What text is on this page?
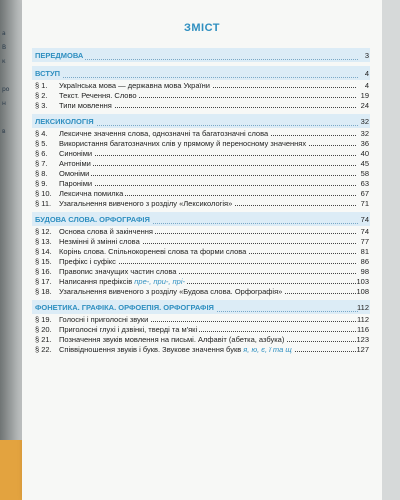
а
В
к
ро
н
в
ЗМІСТ
ПЕРЕДМОВА	3
ВСТУП	4
§ 1.	Українська мова — державна мова України	4
§ 2.	Текст. Речення. Слово	19
§ 3.	Типи мовлення	24
ЛЕКСИКОЛОГІЯ	32
§ 4.	Лексичне значення слова, однозначні та багатозначні слова	32
§ 5.	Використання багатозначних слів у прямому й переносному значеннях	36
§ 6.	Синоніми	40
§ 7.	Антоніми	45
§ 8.	Омоніми	58
§ 9.	Пароніми	63
§ 10. Лексична помилка	67
§ 11.	Узагальнення вивченого з розділу «Лексикологія»	71
БУДОВА СЛОВА. ОРФОГРАФІЯ	74
§ 12. Основа слова й закінчення	74
§ 13. Незмінні й змінні слова	77
§ 14. Корінь слова. Спільнокореневі слова та форми слова	81
§ 15. Префікс і суфікс	86
§ 16. Правопис значущих частин слова	98
§ 17. Написання префіксів пре-, при-, прі-	103
§ 18. Узагальнення вивченого з розділу «Будова слова. Орфографія»	108
ФОНЕТИКА. ГРАФІКА. ОРФОЕПІЯ. ОРФОГРАФІЯ	112
§ 19. Голосні і приголосні звуки	112
§ 20. Приголосні глухі і дзвінкі, тверді та м'які	116
§ 21. Позначення звуків мовлення на письмі. Алфавіт (абетка, азбука)	123
§ 22. Співвідношення звуків і букв. Звукове значення букв я, ю, є, ї та щ	127
